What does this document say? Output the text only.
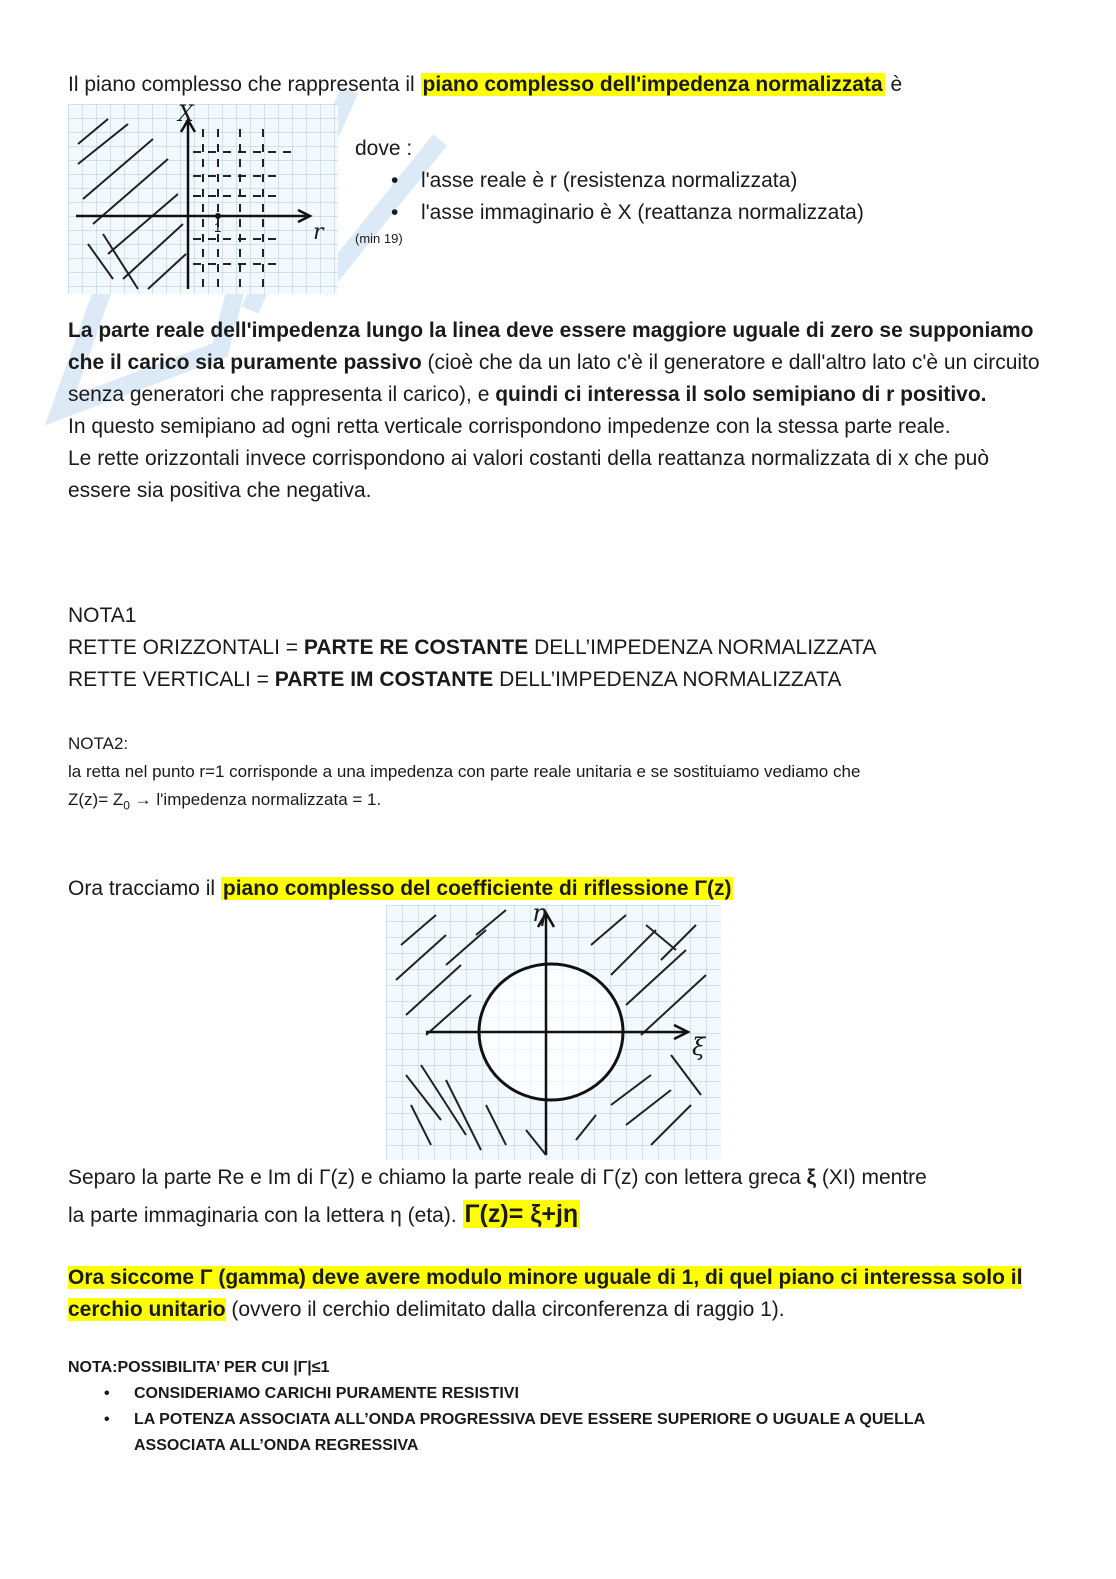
Il piano complesso che rappresenta il piano complesso dell'impedenza normalizzata è

X
r
1

dove :

• l'asse reale è r (resistenza normalizzata)
• l'asse immaginario è X (reattanza normalizzata)
(min 19)

La parte reale dell'impedenza lungo la linea deve essere maggiore uguale di zero se supponiamo che il carico sia puramente passivo (cioè che da un lato c'è il generatore e dall'altro lato c'è un circuito senza generatori che rappresenta il carico), e quindi ci interessa il solo semipiano di r positivo.

In questo semipiano ad ogni retta verticale corrispondono impedenze con la stessa parte reale.

Le rette orizzontali invece corrispondono ai valori costanti della reattanza normalizzata di x che può essere sia positiva che negativa.

NOTA1

RETTE ORIZZONTALI = PARTE RE COSTANTE DELL’IMPEDENZA NORMALIZZATA

RETTE VERTICALI = PARTE IM COSTANTE DELL’IMPEDENZA NORMALIZZATA

NOTA2:
la retta nel punto r=1 corrisponde a una impedenza con parte reale unitaria e se sostituiamo vediamo che
$Z(z)= Z_0$ → l'impedenza normalizzata = 1.

Ora tracciamo il piano complesso del coefficiente di riflessione Γ(z)

η
ξ

Separo la parte Re e Im di Γ(z) e chiamo la parte reale di Γ(z) con lettera greca ξ (XI) mentre

la parte immaginaria con la lettera η (eta). Γ(z)= ξ+jη

Ora siccome Γ (gamma) deve avere modulo minore uguale di 1, di quel piano ci interessa solo il cerchio unitario (ovvero il cerchio delimitato dalla circonferenza di raggio 1).

NOTA:POSSIBILITA’ PER CUI |Γ|≤1
• CONSIDERIAMO CARICHI PURAMENTE RESISTIVI
• LA POTENZA ASSOCIATA ALL’ONDA PROGRESSIVA DEVE ESSERE SUPERIORE O UGUALE A QUELLA ASSOCIATA ALL’ONDA REGRESSIVA
